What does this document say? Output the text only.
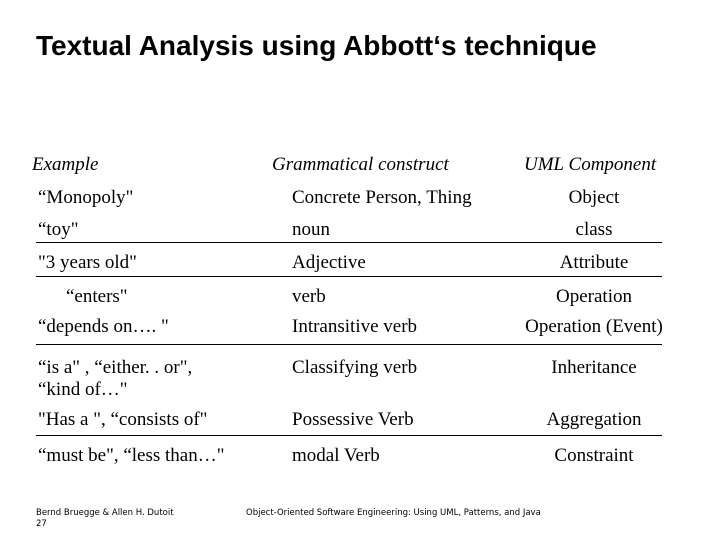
Textual Analysis using Abbott‘s technique
Example	Grammatical construct	UML Component
“Monopoly"	Concrete Person, Thing	Object
“toy"	noun	class
"3 years old"	Adjective	Attribute
“enters"	verb	Operation
“depends on…. "	Intransitive verb	Operation (Event)
“is a" , “either. . or",
“kind of…"
Classifying verb	Inheritance
"Has a ", “consists of"	Possessive Verb	Aggregation
“must be", “less than…"	modal Verb	Constraint
Bernd Bruegge & Allen H. Dutoit
27
Object-Oriented Software Engineering: Using UML, Patterns, and Java
